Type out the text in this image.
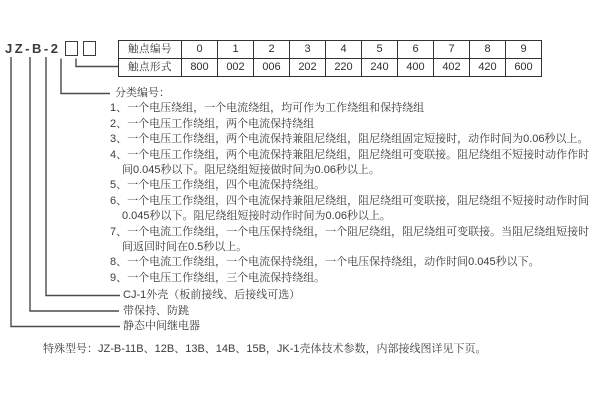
JZ-B-2	触点编号	0	1	2	3	4	5	6	7	8	9
触点形式	800	002	006	202	220	240	400	402	420	600
分类编号：
1、一个电压绕组，一个电流绕组，均可作为工作绕组和保持绕组
2、一个电压工作绕组，两个电流保持绕组
3、一个电压工作绕组，两个电流保持兼阻尼绕组，阻尼绕组固定短接时，动作时间为0.06秒以上。
4、一个电压工作绕组，两个电流保持兼阻尼绕组，阻尼绕组可变联接。阻尼绕组不短接时动作作时
间0.045秒以下。阻尼绕组短接做时间为0.06秒以上。
5、一个电压工作绕组，四个电流保持绕组。
6、一个电压工作绕组，四个电流保持兼阻尼绕组，阻尼绕组可变联接，阻尼绕组不短接时动作时间
0.045秒以下。阻尼绕组短接时动作时间为0.06秒以上。
7、一个电流工作绕组，一个电压保持绕组，一个阻尼绕组，阻尼绕组可变联接。当阻尼绕组短接时
间返回时间在0.5秒以上。
8、一个电流工作绕组，一个电流保持绕组，一个电压保持绕组，动作时间0.045秒以下。
9、一个电压工作绕组，三个电流保持绕组。
CJ-1外壳（板前接线、后接线可选）
带保持、防跳
静态中间继电器
特殊型号：JZ-B-11B、12B、13B、14B、15B，JK-1壳体技术参数，内部接线图详见下页。
